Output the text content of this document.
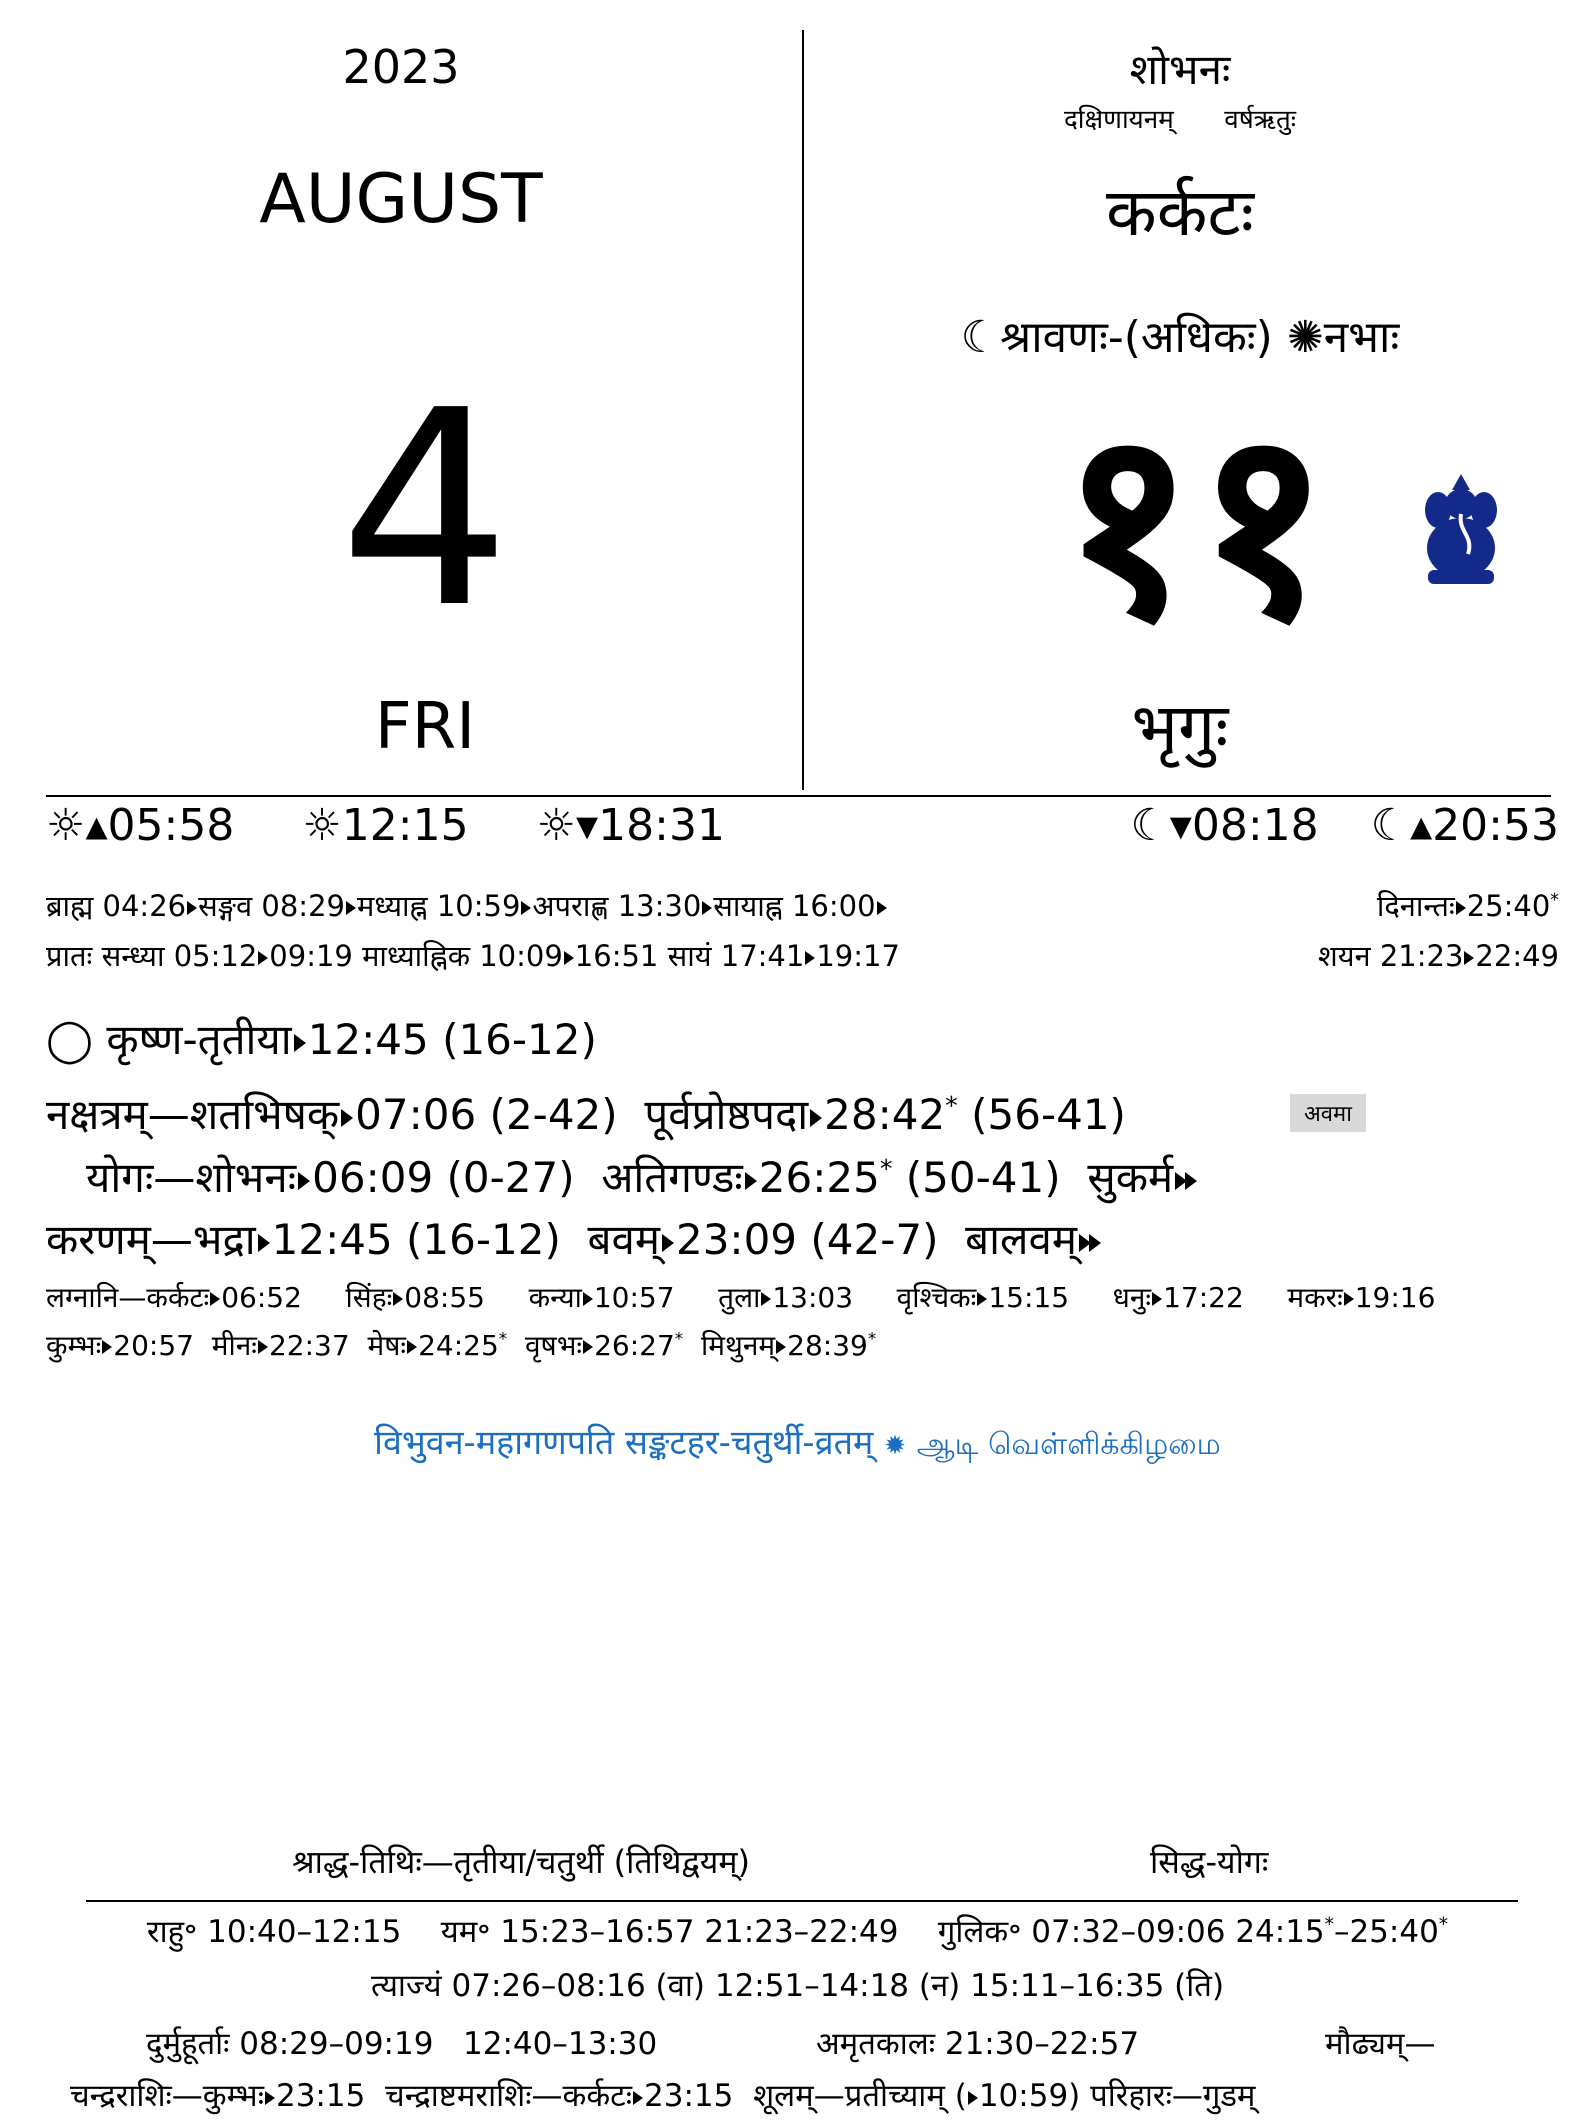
2023
AUGUST
4
FRI
शोभनः
दक्षिणायनम् वर्षऋतुः
कर्कटः
☾श्रावणः-(अधिकः) ✺नभाः
११
भृगुः
☼▴05:58 ☼12:15 ☼▾18:31	☾▾08:18 ☾▴20:53
ब्राह्म 04:26 सङ्गव 08:29 मध्याह्न 10:59 अपराह्ण 13:30 सायाह्न 16:00	दिनान्तः 25:40*
प्रातः सन्ध्या 05:12 09:19 माध्याह्निक 10:09 16:51 सायं 17:41 19:17	शयन 21:23 22:49
◯ कृष्ण-तृतीया 12:45 (16-12)
नक्षत्रम्—शतभिषक् 07:06 (2-42) पूर्वप्रोष्ठपदा 28:42* (56-41)	अवमा
योगः—शोभनः 06:09 (0-27) अतिगण्डः 26:25* (50-41) सुकर्म
करणम्—भद्रा 12:45 (16-12) बवम् 23:09 (42-7) बालवम्
लग्नानि—कर्कटः 06:52 सिंहः 08:55 कन्या 10:57 तुला 13:03 वृश्चिकः 15:15 धनुः 17:22 मकरः 19:16
कुम्भः 20:57 मीनः 22:37 मेषः 24:25* वृषभः 26:27* मिथुनम् 28:39*
विभुवन-महागणपति सङ्कटहर-चतुर्थी-व्रतम् ✹ ஆடி வெள்ளிக்கிழமை
श्राद्ध-तिथिः—तृतीया/चतुर्थी (तिथिद्वयम्)	सिद्ध-योगः
राहु॰ 10:40–12:15 यम॰ 15:23–16:57 21:23–22:49 गुलिक॰ 07:32–09:06 24:15*–25:40*
त्याज्यं 07:26–08:16 (वा) 12:51–14:18 (न) 15:11–16:35 (ति)
दुर्मुहूर्ताः 08:29–09:19   12:40–13:30	अमृतकालः 21:30–22:57	मौढ्यम्—
चन्द्रराशिः—कुम्भः 23:15 चन्द्राष्टमराशिः—कर्कटः 23:15 शूलम्—प्रतीच्याम् ( 10:59) परिहारः—गुडम्
